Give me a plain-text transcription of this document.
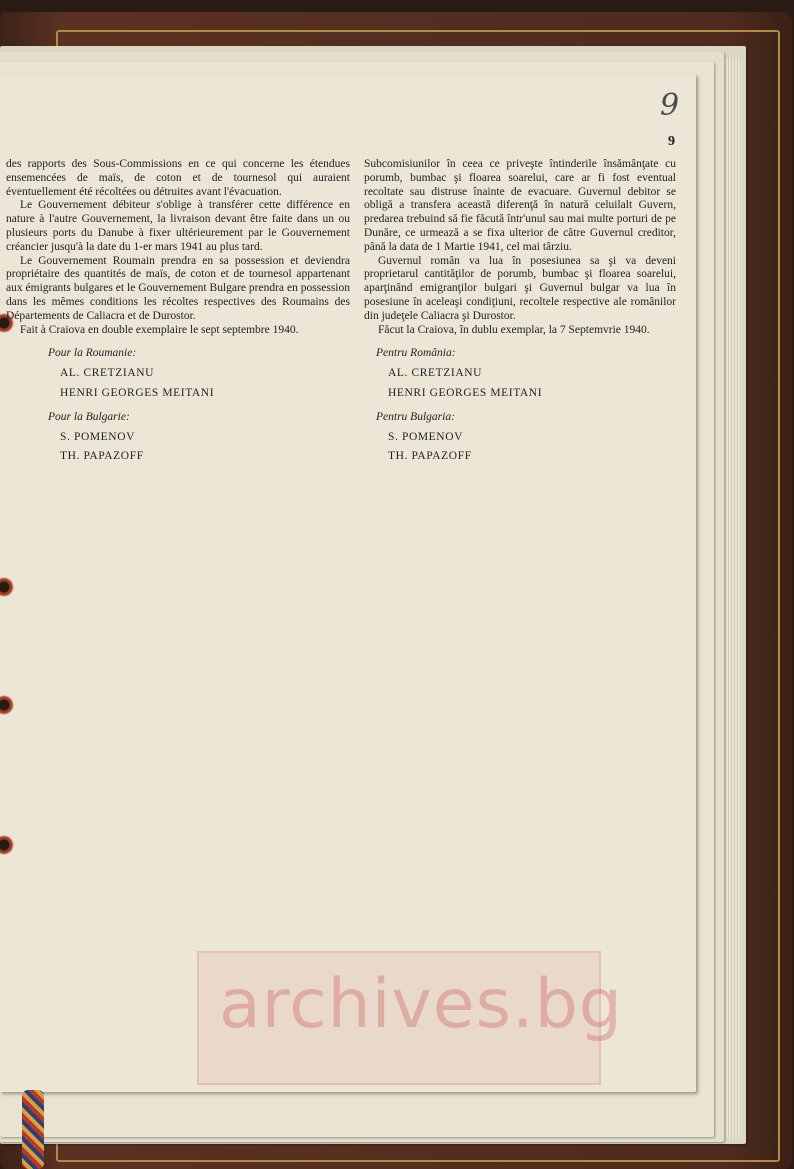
9
9

des rapports des Sous-Commissions en ce qui concerne les étendues ensemencées de maïs, de coton et de tournesol qui auraient éventuellement été récoltées ou détruites avant l'évacuation.

Le Gouvernement débiteur s'oblige à transférer cette différence en nature à l'autre Gouvernement, la livraison devant être faite dans un ou plusieurs ports du Danube à fixer ultérieurement par le Gouvernement créancier jusqu'à la date du 1-er mars 1941 au plus tard.

Le Gouvernement Roumain prendra en sa possession et deviendra propriétaire des quantités de maïs, de coton et de tournesol appartenant aux émigrants bulgares et le Gouvernement Bulgare prendra en possession dans les mêmes conditions les récoltes respectives des Roumains des Départements de Caliacra et de Durostor.

Fait à Craiova en double exemplaire le sept septembre 1940.

Pour la Roumanie:
AL. CRETZIANU
HENRI GEORGES MEITANI
Pour la Bulgarie:
S. POMENOV
TH. PAPAZOFF

Subcomisiunilor în ceea ce priveşte întinderile însămânţate cu porumb, bumbac şi floarea soarelui, care ar fi fost eventual recoltate sau distruse înainte de evacuare. Guvernul debitor se obligă a transfera această diferenţă în natură celuilalt Guvern, predarea trebuind să fie făcută într'unul sau mai multe porturi de pe Dunăre, ce urmează a se fixa ulterior de către Guvernul creditor, până la data de 1 Martie 1941, cel mai târziu.

Guvernul român va lua în posesiunea sa şi va deveni proprietarul cantităţilor de porumb, bumbac şi floarea soarelui, aparţinând emigranţilor bulgari şi Guvernul bulgar va lua în posesiune în aceleaşi condiţiuni, recoltele respective ale românilor din judeţele Caliacra şi Durostor.

Făcut la Craiova, în dublu exemplar, la 7 Septemvrie 1940.

Pentru România:
AL. CRETZIANU
HENRI GEORGES MEITANI
Pentru Bulgaria:
S. POMENOV
TH. PAPAZOFF
archives.bg
